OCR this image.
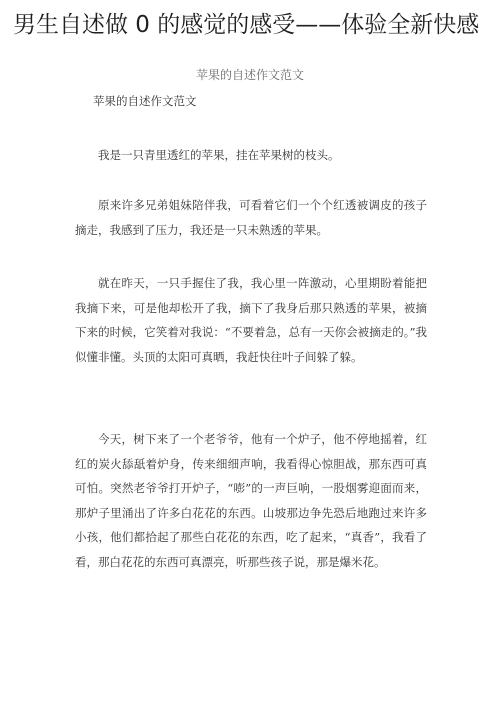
男生自述做 0 的感觉的感受——体验全新快感
苹果的自述作文范文
苹果的自述作文范文

我是一只青里透红的苹果，挂在苹果树的枝头。

原来许多兄弟姐妹陪伴我，可看着它们一个个红透被调皮的孩子摘走，我感到了压力，我还是一只未熟透的苹果。

就在昨天，一只手握住了我，我心里一阵激动，心里期盼着能把我摘下来，可是他却松开了我，摘下了我身后那只熟透的苹果，被摘下来的时候，它笑着对我说：“不要着急，总有一天你会被摘走的。”我似懂非懂。头顶的太阳可真晒，我赶快往叶子间躲了躲。

今天，树下来了一个老爷爷，他有一个炉子，他不停地摇着，红红的炭火舔舐着炉身，传来细细声响，我看得心惊胆战，那东西可真可怕。突然老爷爷打开炉子，“嘭”的一声巨响，一股烟雾迎面而来，那炉子里涌出了许多白花花的东西。山坡那边争先恐后地跑过来许多小孩，他们都拾起了那些白花花的东西，吃了起来，“真香”，我看了看，那白花花的东西可真漂亮，听那些孩子说，那是爆米花。
